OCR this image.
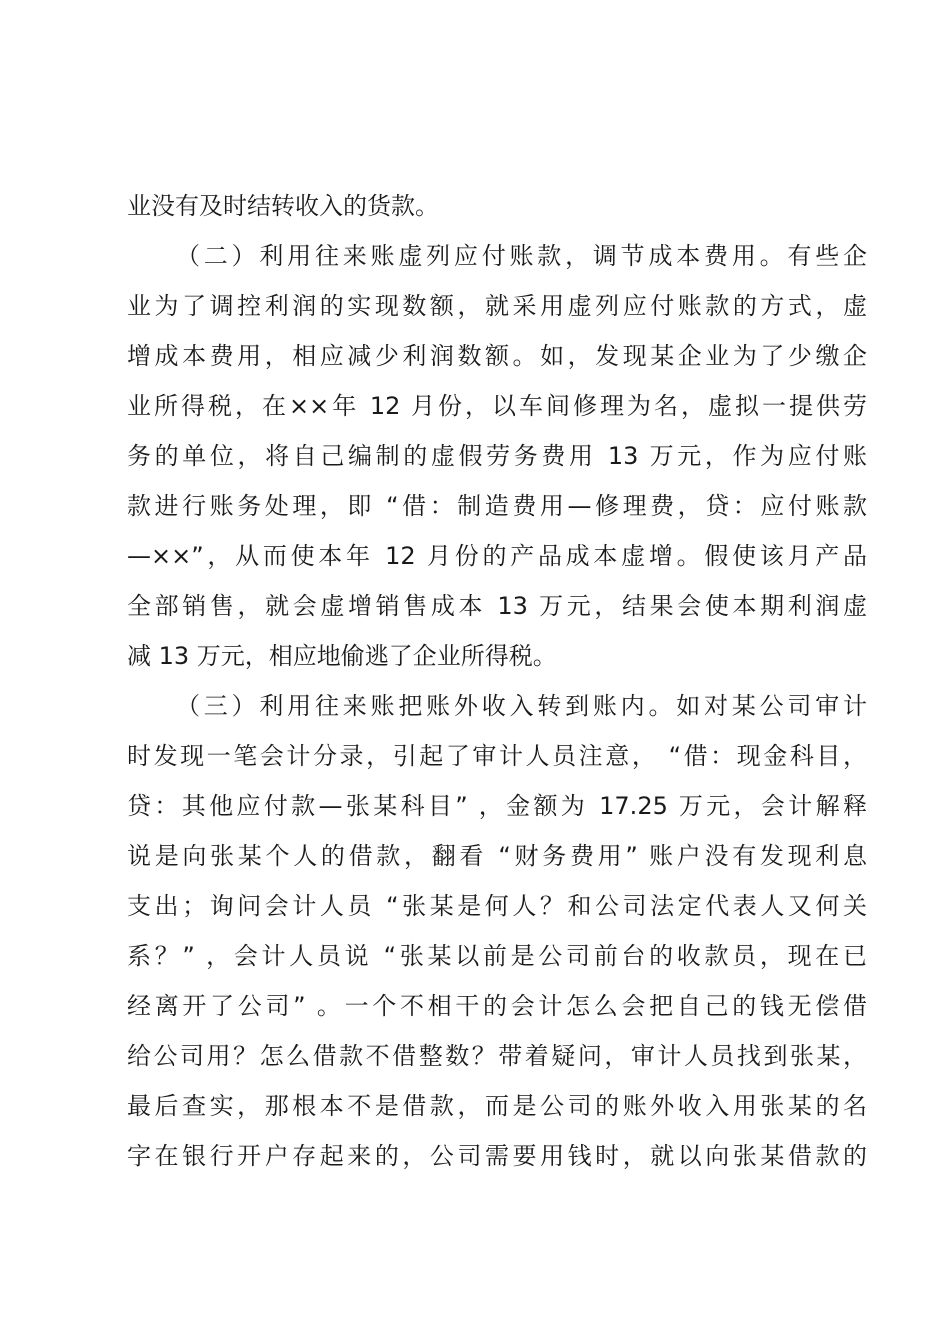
业没有及时结转收入的货款。
（二）利用往来账虚列应付账款，调节成本费用。有些企
业为了调控利润的实现数额，就采用虚列应付账款的方式，虚
增成本费用，相应减少利润数额。如，发现某企业为了少缴企
业所得税，在××年 12 月份，以车间修理为名，虚拟一提供劳
务的单位，将自己编制的虚假劳务费用 13 万元，作为应付账
款进行账务处理，即 “借：制造费用—修理费，贷：应付账款
—××”，从而使本年 12 月份的产品成本虚增。假使该月产品
全部销售，就会虚增销售成本 13 万元，结果会使本期利润虚
减 13 万元，相应地偷逃了企业所得税。
（三）利用往来账把账外收入转到账内。如对某公司审计
时发现一笔会计分录，引起了审计人员注意， “借：现金科目，
贷：其他应付款—张某科目” ，金额为 17.25 万元，会计解释
说是向张某个人的借款，翻看 “财务费用” 账户没有发现利息
支出；询问会计人员 “张某是何人？和公司法定代表人又何关
系？” ，会计人员说 “张某以前是公司前台的收款员，现在已
经离开了公司” 。一个不相干的会计怎么会把自己的钱无偿借
给公司用？怎么借款不借整数？带着疑问，审计人员找到张某，
最后查实，那根本不是借款，而是公司的账外收入用张某的名
字在银行开户存起来的，公司需要用钱时，就以向张某借款的
